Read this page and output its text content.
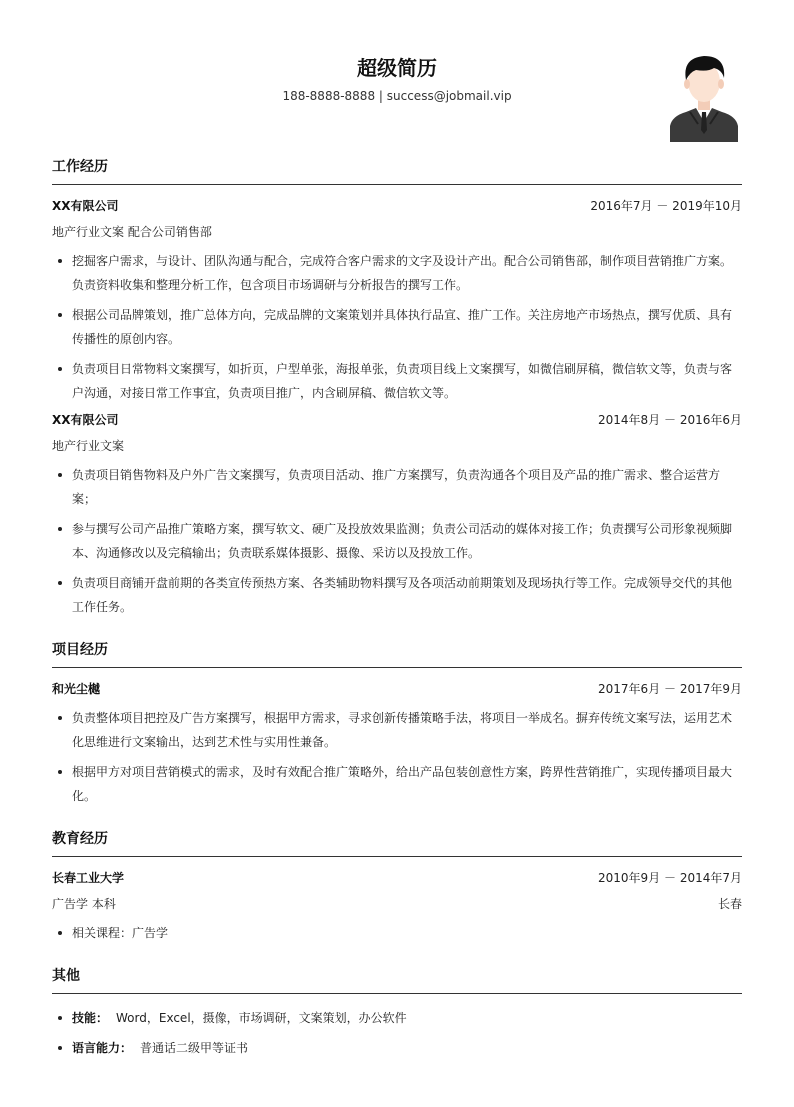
超级简历
188-8888-8888 | success@jobmail.vip
工作经历
XX有限公司	2016年7月 － 2019年10月
地产行业文案 配合公司销售部
挖掘客户需求，与设计、团队沟通与配合，完成符合客户需求的文字及设计产出。配合公司销售部，制作项目营销推广方案。负责资料收集和整理分析工作，包含项目市场调研与分析报告的撰写工作。
根据公司品牌策划，推广总体方向，完成品牌的文案策划并具体执行品宣、推广工作。关注房地产市场热点，撰写优质、具有传播性的原创内容。
负责项目日常物料文案撰写，如折页，户型单张，海报单张，负责项目线上文案撰写，如微信刷屏稿，微信软文等，负责与客户沟通，对接日常工作事宜，负责项目推广，内含刷屏稿、微信软文等。
XX有限公司	2014年8月 － 2016年6月
地产行业文案
负责项目销售物料及户外广告文案撰写，负责项目活动、推广方案撰写，负责沟通各个项目及产品的推广需求、整合运营方案；
参与撰写公司产品推广策略方案，撰写软文、硬广及投放效果监测；负责公司活动的媒体对接工作；负责撰写公司形象视频脚本、沟通修改以及完稿输出；负责联系媒体摄影、摄像、采访以及投放工作。
负责项目商铺开盘前期的各类宣传预热方案、各类辅助物料撰写及各项活动前期策划及现场执行等工作。完成领导交代的其他工作任务。
项目经历
和光尘樾	2017年6月 － 2017年9月
负责整体项目把控及广告方案撰写，根据甲方需求，寻求创新传播策略手法，将项目一举成名。摒弃传统文案写法，运用艺术化思维进行文案输出，达到艺术性与实用性兼备。
根据甲方对项目营销模式的需求，及时有效配合推广策略外，给出产品包装创意性方案，跨界性营销推广，实现传播项目最大化。
教育经历
长春工业大学	2010年9月 － 2014年7月
广告学 本科	长春
相关课程：广告学
其他
技能： Word，Excel，摄像，市场调研，文案策划，办公软件
语言能力： 普通话二级甲等证书
